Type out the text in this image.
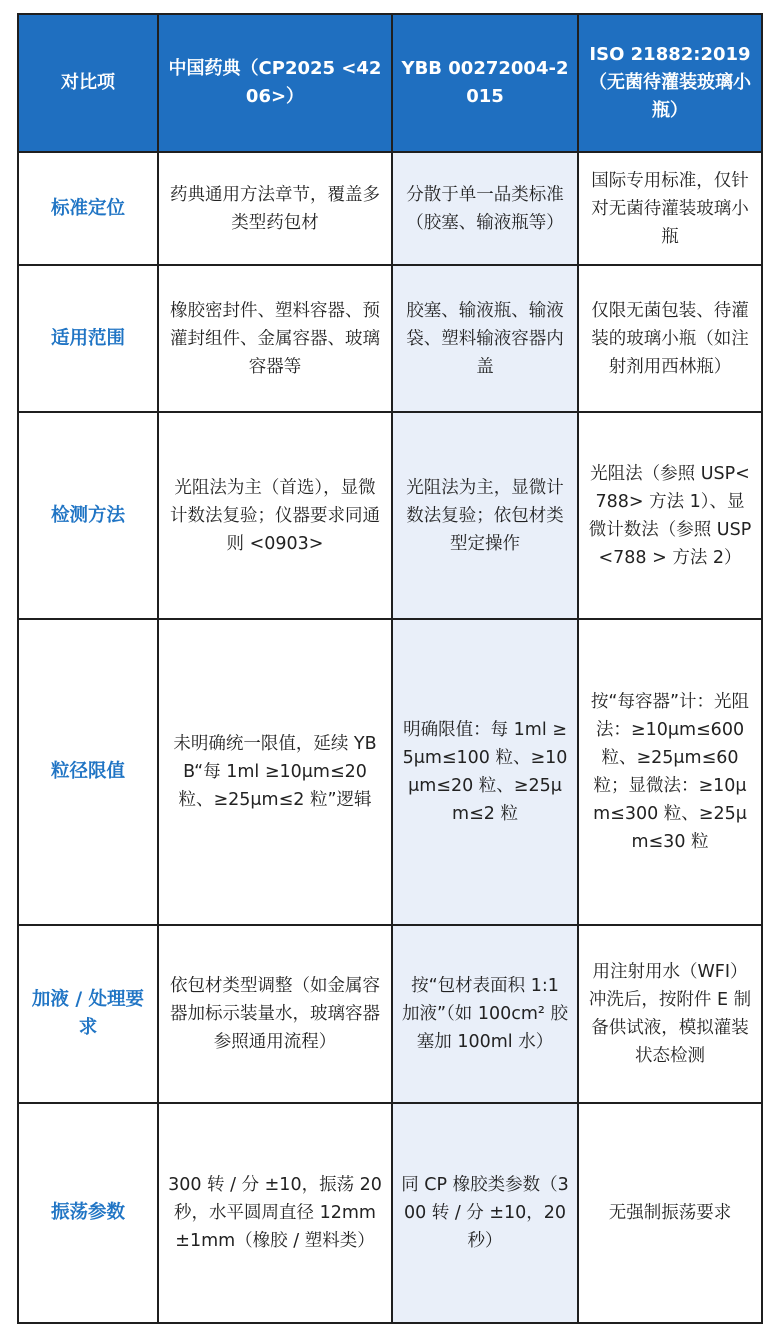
对比项	中国药典（CP2025 <4206>）	YBB 00272004-2015	ISO 21882:2019（无菌待灌装玻璃小瓶）
标准定位	药典通用方法章节，覆盖多类型药包材	分散于单一品类标准（胶塞、输液瓶等）	国际专用标准，仅针对无菌待灌装玻璃小瓶
适用范围	橡胶密封件、塑料容器、预灌封组件、金属容器、玻璃容器等	胶塞、输液瓶、输液袋、塑料输液容器内盖	仅限无菌包装、待灌装的玻璃小瓶（如注射剂用西林瓶）
检测方法	光阻法为主（首选），显微计数法复验；仪器要求同通则 <0903>	光阻法为主，显微计数法复验；依包材类型定操作	光阻法（参照 USP<788> 方法 1）、显微计数法（参照 USP<788 > 方法 2）
粒径限值	未明确统一限值，延续 YBB“每 1ml ≥10μm≤20 粒、≥25μm≤2 粒”逻辑	明确限值：每 1ml ≥5μm≤100 粒、≥10μm≤20 粒、≥25μm≤2 粒	按“每容器”计：光阻法：≥10μm≤600 粒、≥25μm≤60 粒；显微法：≥10μm≤300 粒、≥25μm≤30 粒
加液 / 处理要求	依包材类型调整（如金属容器加标示装量水，玻璃容器参照通用流程）	按“包材表面积 1:1 加液”（如 100cm² 胶塞加 100ml 水）	用注射用水（WFI）冲洗后，按附件 E 制备供试液，模拟灌装状态检测
振荡参数	300 转 / 分 ±10，振荡 20 秒，水平圆周直径 12mm±1mm（橡胶 / 塑料类）	同 CP 橡胶类参数（300 转 / 分 ±10，20 秒）	无强制振荡要求
